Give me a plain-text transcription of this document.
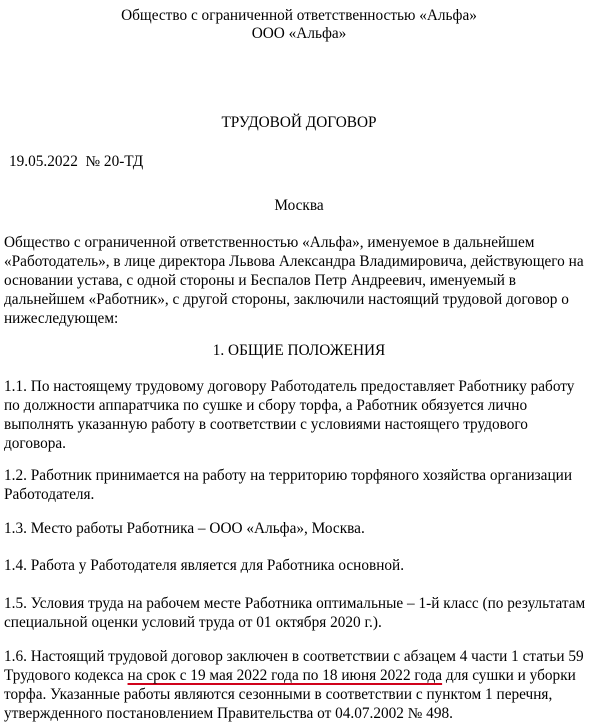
Общество с ограниченной ответственностью «Альфа»
ООО «Альфа»
ТРУДОВОЙ ДОГОВОР
19.05.2022 № 20-ТД
Москва

Общество с ограниченной ответственностью «Альфа», именуемое в дальнейшем «Работодатель», в лице директора Львова Александра Владимировича, действующего на основании устава, с одной стороны и Беспалов Петр Андреевич, именуемый в дальнейшем «Работник», с другой стороны, заключили настоящий трудовой договор о нижеследующем:

1. ОБЩИЕ ПОЛОЖЕНИЯ

1.1. По настоящему трудовому договору Работодатель предоставляет Работнику работу по должности аппаратчика по сушке и сбору торфа, а Работник обязуется лично выполнять указанную работу в соответствии с условиями настоящего трудового договора.

1.2. Работник принимается на работу на территорию торфяного хозяйства организации Работодателя.

1.3. Место работы Работника – ООО «Альфа», Москва.

1.4. Работа у Работодателя является для Работника основной.

1.5. Условия труда на рабочем месте Работника оптимальные – 1-й класс (по результатам специальной оценки условий труда от 01 октября 2020 г.).

1.6. Настоящий трудовой договор заключен в соответствии с абзацем 4 части 1 статьи 59 Трудового кодекса на срок с 19 мая 2022 года по 18 июня 2022 года для сушки и уборки торфа. Указанные работы являются сезонными в соответствии с пунктом 1 перечня, утвержденного постановлением Правительства от 04.07.2002 № 498.
